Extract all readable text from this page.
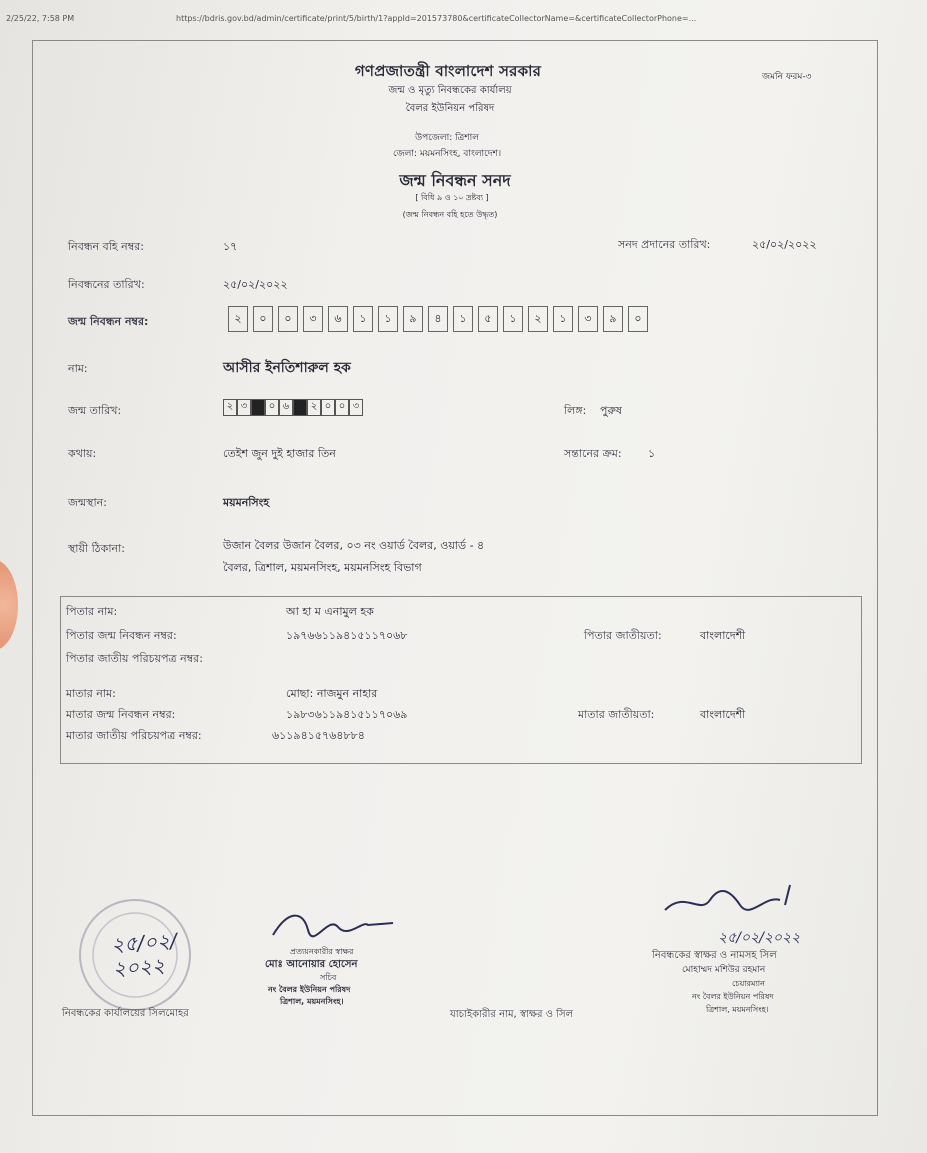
2/25/22, 7:58 PM	https://bdris.gov.bd/admin/certificate/print/5/birth/1?appId=201573780&certificateCollectorName=&certificateCollectorPhone=...
গণপ্রজাতন্ত্রী বাংলাদেশ সরকার	জমনি ফরম-৩
জন্ম ও মৃত্যু নিবন্ধকের কার্যালয়
বৈলর ইউনিয়ন পরিষদ
উপজেলা: ত্রিশাল
জেলা: ময়মনসিংহ, বাংলাদেশ।
জন্ম নিবন্ধন সনদ
[ বিধি ৯ ও ১০ দ্রষ্টব্য ]
(জন্ম নিবন্ধন বহি হতে উদ্ধৃত)
নিবন্ধন বহি নম্বর:	১৭	সনদ প্রদানের তারিখ:	২৫/০২/২০২২
নিবন্ধনের তারিখ:	২৫/০২/২০২২
জন্ম নিবন্ধন নম্বর:	২	০	০	৩	৬	১	১	৯	৪	১	৫	১	২	১	৩	৯	০
নাম:	আসীর ইনতিশারুল হক
জন্ম তারিখ:	২ ৩	০ ৬	২ ০ ০ ৩	লিঙ্গ: পুরুষ
কথায়:	তেইশ জুন দুই হাজার তিন	সন্তানের ক্রম: ১
জন্মস্থান:	ময়মনসিংহ
স্থায়ী ঠিকানা:	উজান বৈলর উজান বৈলর, ০৩ নং ওয়ার্ড বৈলর, ওয়ার্ড - ৪
বৈলর, ত্রিশাল, ময়মনসিংহ, ময়মনসিংহ বিভাগ
পিতার নাম:	আ হা ম এনামুল হক
পিতার জন্ম নিবন্ধন নম্বর:	১৯৭৬৬১১৯৪১৫১১৭০৬৮	পিতার জাতীয়তা:	বাংলাদেশী
পিতার জাতীয় পরিচয়পত্র নম্বর:
মাতার নাম:	মোছা: নাজমুন নাহার
মাতার জন্ম নিবন্ধন নম্বর:	১৯৮৩৬১১৯৪১৫১১৭০৬৯	মাতার জাতীয়তা:	বাংলাদেশী
মাতার জাতীয় পরিচয়পত্র নম্বর:	৬১১৯৪১৫৭৬৪৮৮৪
২৫/০২/ ২০২২
নিবন্ধকের কার্যালয়ের সিলমোহর
প্রত্যয়নকারীর স্বাক্ষর
মোঃ আনোয়ার হোসেন
সচিব
নং বৈলর ইউনিয়ন পরিষদ
ত্রিশাল, ময়মনসিংহ।
যাচাইকারীর নাম, স্বাক্ষর ও সিল
২৫/০২/২০২২
নিবন্ধকের স্বাক্ষর ও নামসহ সিল
মোহাম্মদ মশিউর রহমান
চেয়ারম্যান
নং বৈলর ইউনিয়ন পরিষদ
ত্রিশাল, ময়মনসিংহ।
